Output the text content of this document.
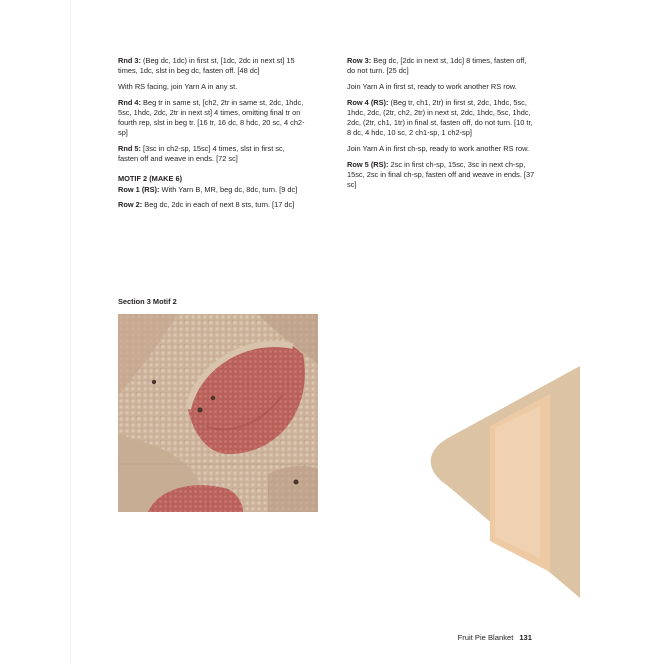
Rnd 3: (Beg dc, 1dc) in first st, [1dc, 2dc in next st] 15 times, 1dc, slst in beg dc, fasten off. [48 dc]

With RS facing, join Yarn A in any st.

Rnd 4: Beg tr in same st, [ch2, 2tr in same st, 2dc, 1hdc, 5sc, 1hdc, 2dc, 2tr in next st] 4 times, omitting final tr on fourth rep, slst in beg tr. [16 tr, 16 dc, 8 hdc, 20 sc, 4 ch2-sp]

Rnd 5: [3sc in ch2-sp, 15sc] 4 times, slst in first sc, fasten off and weave in ends. [72 sc]

MOTIF 2 (MAKE 6)

Row 1 (RS): With Yarn B, MR, beg dc, 8dc, turn. [9 dc]

Row 2: Beg dc, 2dc in each of next 8 sts, turn. [17 dc]

Row 3: Beg dc, [2dc in next st, 1dc] 8 times, fasten off, do not turn. [25 dc]

Join Yarn A in first st, ready to work another RS row.

Row 4 (RS): (Beg tr, ch1, 2tr) in first st, 2dc, 1hdc, 5sc, 1hdc, 2dc, (2tr, ch2, 2tr) in next st, 2dc, 1hdc, 5sc, 1hdc, 2dc, (2tr, ch1, 1tr) in final st, fasten off, do not turn. [10 tr, 8 dc, 4 hdc, 10 sc, 2 ch1-sp, 1 ch2-sp]

Join Yarn A in first ch-sp, ready to work another RS row.

Row 5 (RS): 2sc in first ch-sp, 15sc, 3sc in next ch-sp, 15sc, 2sc in final ch-sp, fasten off and weave in ends. [37 sc]

Section 3 Motif 2
Fruit Pie Blanket 131
